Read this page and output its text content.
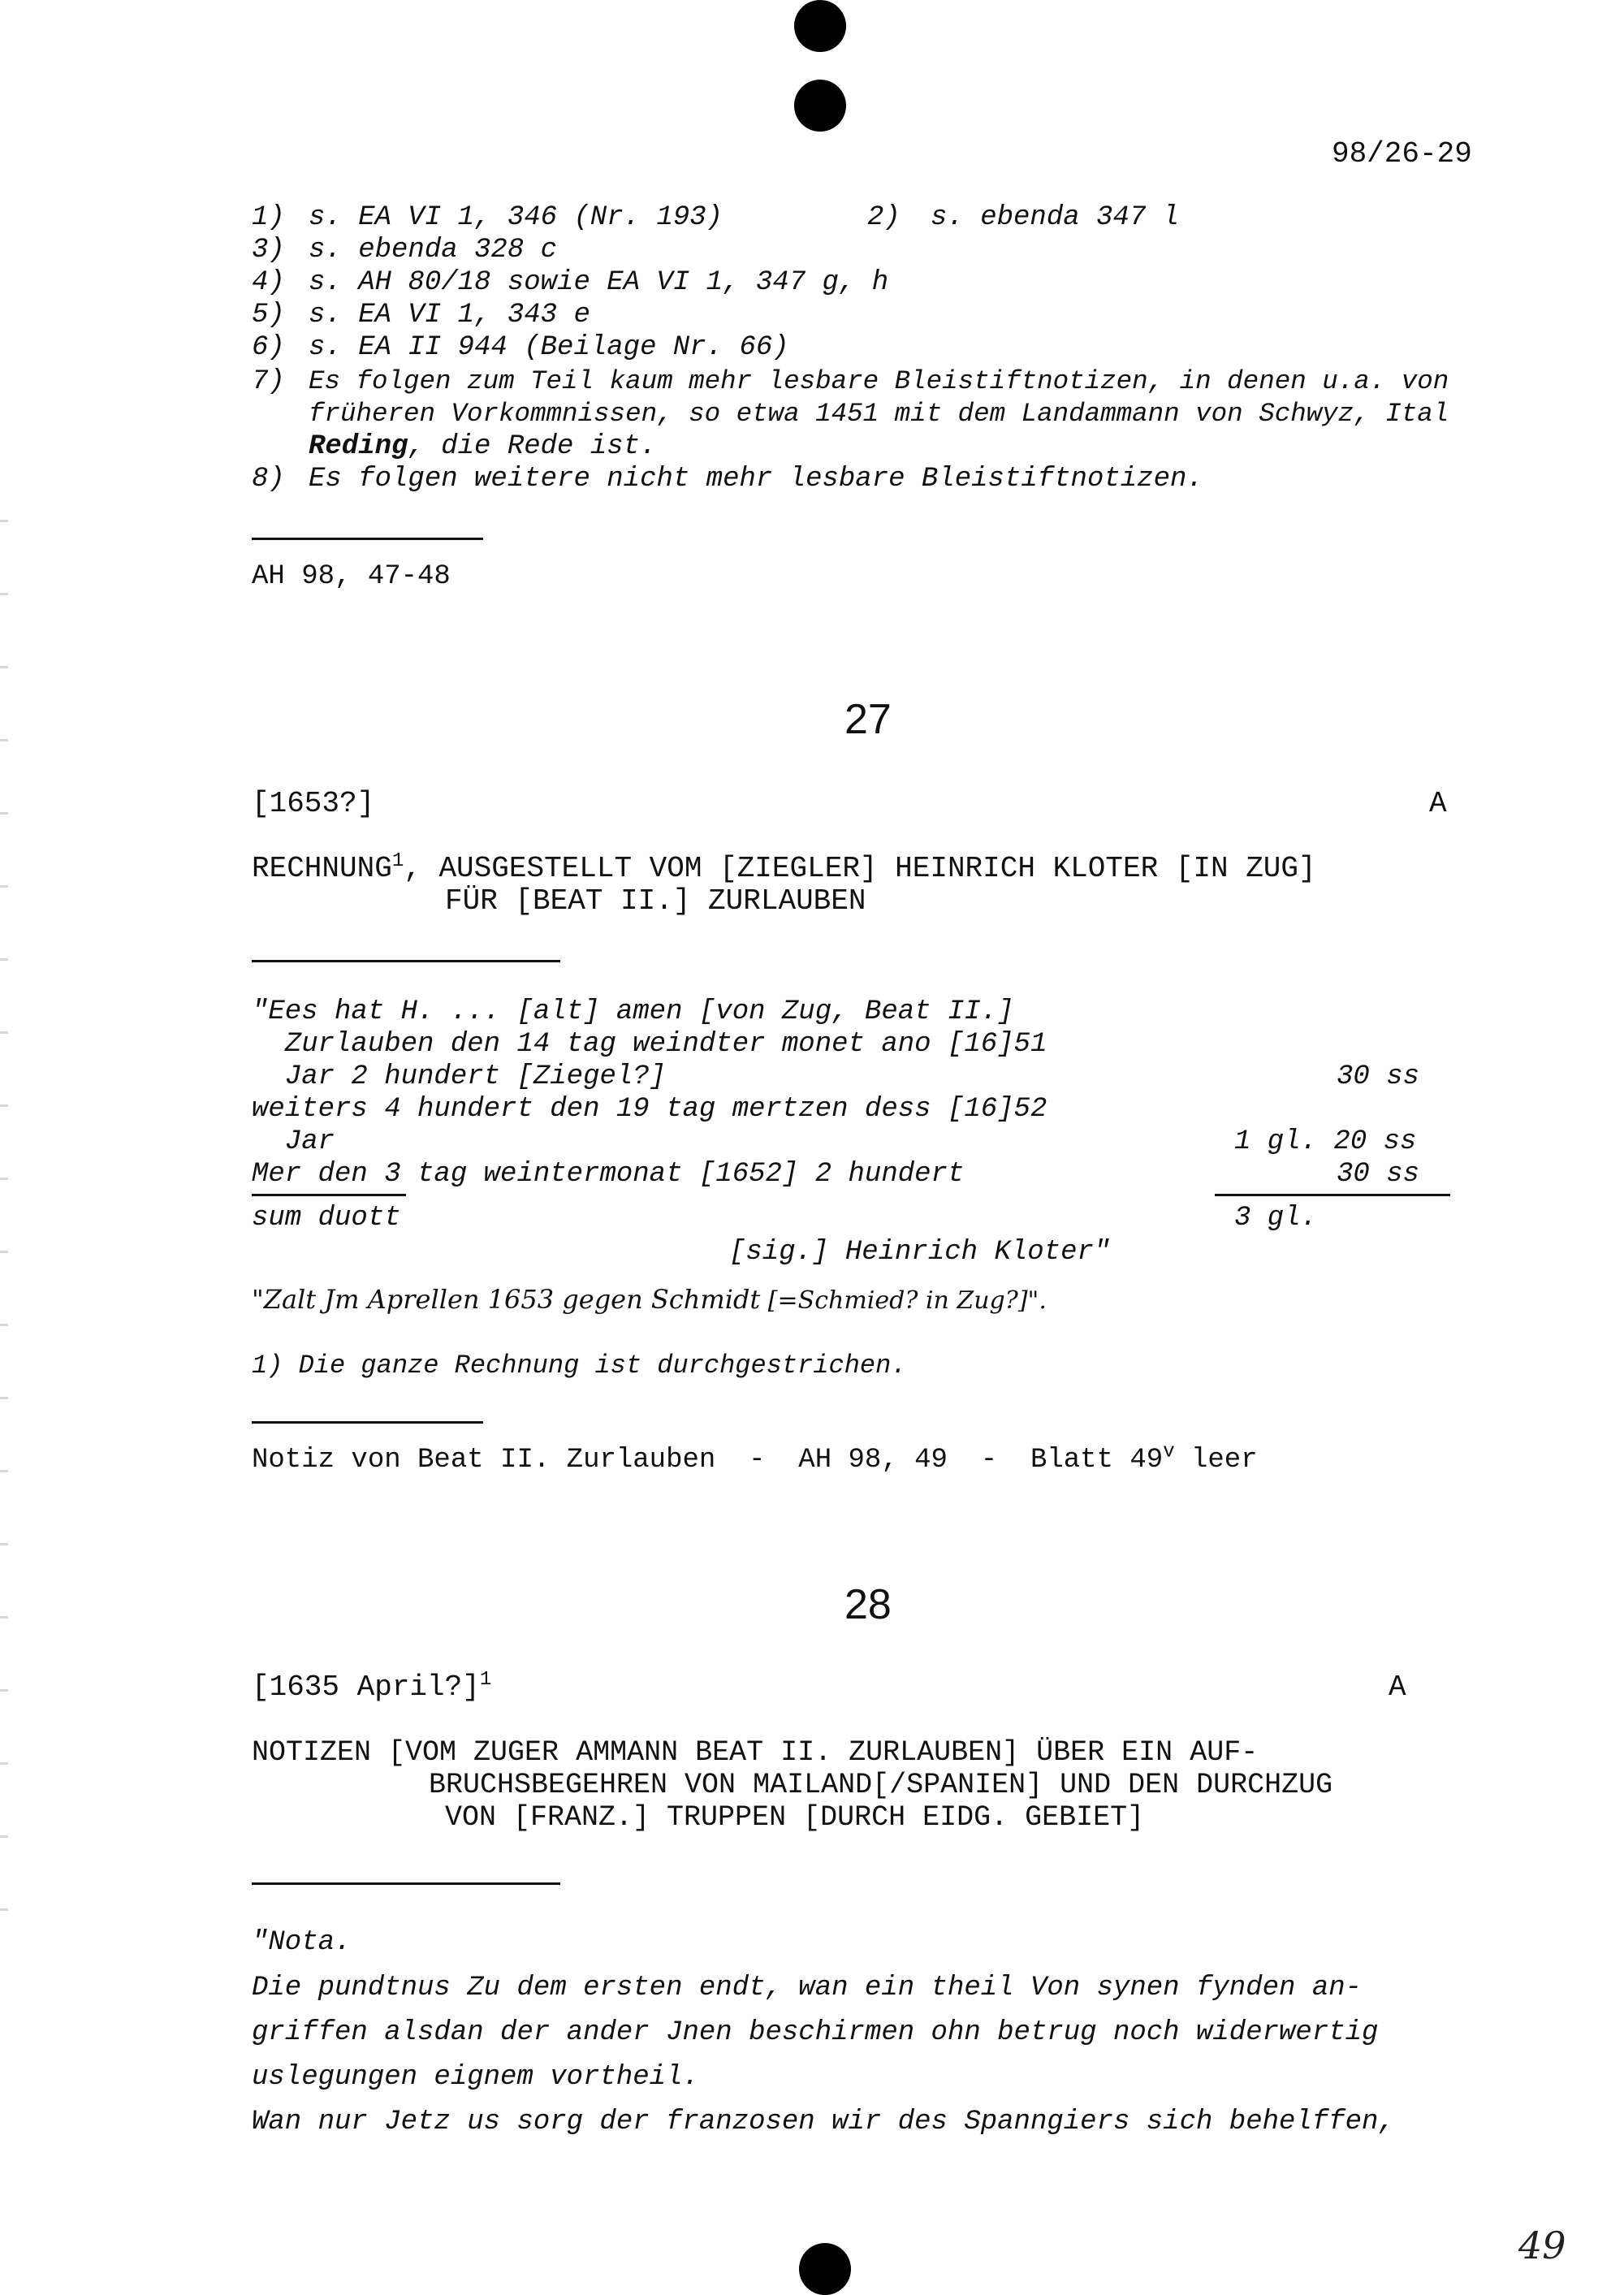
98/26-29
1) s. EA VI 1, 346 (Nr. 193)	2) s. ebenda 347 l
3) s. ebenda 328 c
4) s. AH 80/18 sowie EA VI 1, 347 g, h
5) s. EA VI 1, 343 e
6) s. EA II 944 (Beilage Nr. 66)
7) Es folgen zum Teil kaum mehr lesbare Bleistiftnotizen, in denen u.a. von
früheren Vorkommnissen, so etwa 1451 mit dem Landammann von Schwyz, Ital
Reding, die Rede ist.
8) Es folgen weitere nicht mehr lesbare Bleistiftnotizen.
AH 98, 47-48
27
[1653?]	A
RECHNUNG$^1$, AUSGESTELLT VOM [ZIEGLER] HEINRICH KLOTER [IN ZUG]
FÜR [BEAT II.] ZURLAUBEN
"Ees hat H. ... [alt] amen [von Zug, Beat II.]
Zurlauben den 14 tag weindter monet ano [16]51
Jar 2 hundert [Ziegel?]	30 ss
weiters 4 hundert den 19 tag mertzen dess [16]52
Jar	1 gl. 20 ss
Mer den 3 tag weintermonat [1652] 2 hundert	30 ss
sum duott	3 gl.
[sig.] Heinrich Kloter"
"Zalt Jm Aprellen 1653 gegen Schmidt [=Schmied? in Zug?]".
1) Die ganze Rechnung ist durchgestrichen.
Notiz von Beat II. Zurlauben  -  AH 98, 49  -  Blatt 49$^v$ leer
28
[1635 April?]$^1$	A
NOTIZEN [VOM ZUGER AMMANN BEAT II. ZURLAUBEN] ÜBER EIN AUF-
BRUCHSBEGEHREN VON MAILAND[/SPANIEN] UND DEN DURCHZUG
VON [FRANZ.] TRUPPEN [DURCH EIDG. GEBIET]
"Nota.
Die pundtnus Zu dem ersten endt, wan ein theil Von synen fynden an-
griffen alsdan der ander Jnen beschirmen ohn betrug noch widerwertig
uslegungen eignem vortheil.
Wan nur Jetz us sorg der franzosen wir des Spanngiers sich behelffen,
49
